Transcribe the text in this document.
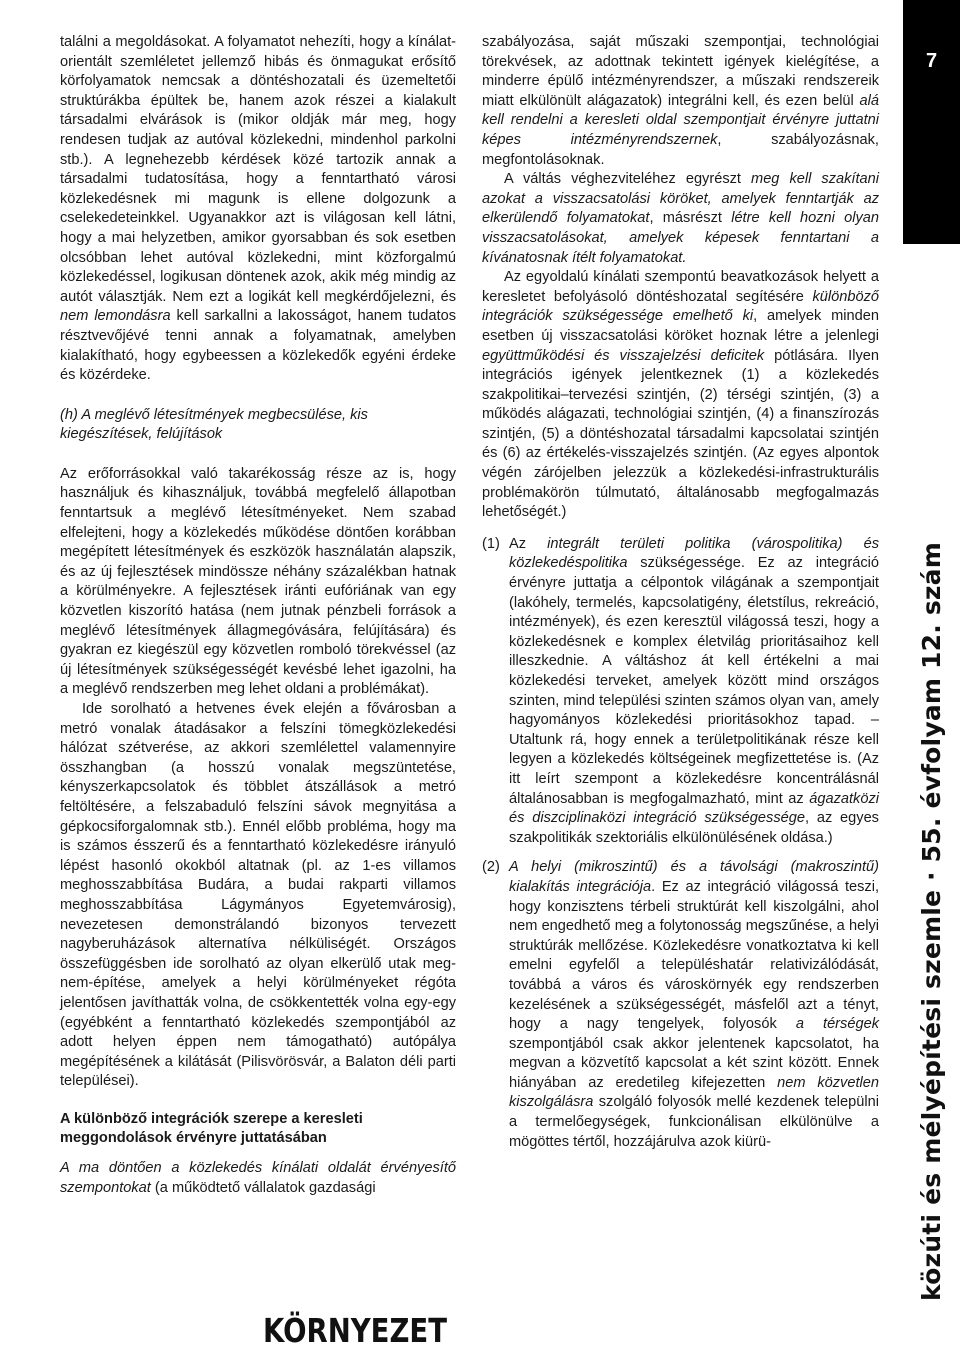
találni a megoldásokat. A folyamatot nehezíti, hogy a kínálat-orientált szemléletet jellemző hibás és önmagukat erősítő körfolyamatok nemcsak a döntéshozatali és üzemeltetői struktúrákba épültek be, hanem azok részei a kialakult társadalmi elvárások is (mikor oldják már meg, hogy rendesen tudjak az autóval közlekedni, mindenhol parkolni stb.). A legnehezebb kérdések közé tartozik annak a társadalmi tudatosítása, hogy a fenntartható városi közlekedésnek mi magunk is ellene dolgozunk a cselekedeteinkkel. Ugyanakkor azt is világosan kell látni, hogy a mai helyzetben, amikor gyorsabban és sok esetben olcsóbban lehet autóval közlekedni, mint közforgalmú közlekedéssel, logikusan döntenek azok, akik még mindig az autót választják. Nem ezt a logikát kell megkérdőjelezni, és nem lemondásra kell sarkallni a lakosságot, hanem tudatos résztvevőjévé tenni annak a folyamatnak, amelyben kialakítható, hogy egybeessen a közlekedők egyéni érdeke és közérdeke.

(h) A meglévő létesítmények megbecsülése, kis kiegészítések, felújítások

Az erőforrásokkal való takarékosság része az is, hogy használjuk és kihasználjuk, továbbá megfelelő állapotban fenntartsuk a meglévő létesítményeket. Nem szabad elfelejteni, hogy a közlekedés működése döntően korábban megépített létesítmények és eszközök használatán alapszik, és az új fejlesztések mindössze néhány százalékban hatnak a körülményekre. A fejlesztések iránti eufóriának van egy közvetlen kiszorító hatása (nem jutnak pénzbeli források a meglévő létesítmények állagmegóvására, felújítására) és gyakran ez kiegészül egy közvetlen romboló törekvéssel (az új létesítmények szükségességét kevésbé lehet igazolni, ha a meglévő rendszerben meg lehet oldani a problémákat).

Ide sorolható a hetvenes évek elején a fővárosban a metró vonalak átadásakor a felszíni tömegközlekedési hálózat szétverése, az akkori szemlélettel valamennyire összhangban (a hosszú vonalak megszüntetése, kényszerkapcsolatok és többlet átszállások a metró feltöltésére, a felszabaduló felszíni sávok megnyitása a gépkocsiforgalomnak stb.). Ennél előbb probléma, hogy ma is számos ésszerű és a fenntartható közlekedésre irányuló lépést hasonló okokból altatnak (pl. az 1-es villamos meghosszabbítása Budára, a budai rakparti villamos meghosszabbítása Lágymányos Egyetemvárosig), nevezetesen demonstrálandó bizonyos tervezett nagyberuházások alternatíva nélküliségét. Országos összefüggésben ide sorolható az olyan elkerülő utak meg-nem-építése, amelyek a helyi körülményeket régóta jelentősen javíthatták volna, de csökkentették volna egy-egy (egyébként a fenntartható közlekedés szempontjából az adott helyen éppen nem támogatható) autópálya megépítésének a kilátását (Pilisvörösvár, a Balaton déli parti települései).

A különböző integrációk szerepe a keresleti meggondolások érvényre juttatásában

A ma döntően a közlekedés kínálati oldalát érvényesítő szempontokat (a működtető vállalatok gazdasági

szabályozása, saját műszaki szempontjai, technológiai törekvések, az adottnak tekintett igények kielégítése, a minderre épülő intézményrendszer, a műszaki rendszereik miatt elkülönült alágazatok) integrálni kell, és ezen belül alá kell rendelni a keresleti oldal szempontjait érvényre juttatni képes intézményrendszernek, szabályozásnak, megfontolásoknak.

A váltás véghezviteléhez egyrészt meg kell szakítani azokat a visszacsatolási köröket, amelyek fenntartják az elkerülendő folyamatokat, másrészt létre kell hozni olyan visszacsatolásokat, amelyek képesek fenntartani a kívánatosnak ítélt folyamatokat.

Az egyoldalú kínálati szempontú beavatkozások helyett a keresletet befolyásoló döntéshozatal segítésére különböző integrációk szükségessége emelhető ki, amelyek minden esetben új visszacsatolási köröket hoznak létre a jelenlegi együttműködési és visszajelzési deficitek pótlására. Ilyen integrációs igények jelentkeznek (1) a közlekedés szakpolitikai–tervezési szintjén, (2) térségi szintjén, (3) a működés alágazati, technológiai szintjén, (4) a finanszírozás szintjén, (5) a döntéshozatal társadalmi kapcsolatai szintjén és (6) az értékelés-visszajelzés szintjén. (Az egyes alpontok végén zárójelben jelezzük a közlekedési-infrastrukturális problémakörön túlmutató, általánosabb megfogalmazás lehetőségét.)

(1) Az integrált területi politika (várospolitika) és közlekedéspolitika szükségessége. Ez az integráció érvényre juttatja a célpontok világának a szempontjait (lakóhely, termelés, kapcsolatigény, életstílus, rekreáció, intézmények), és ezen keresztül világossá teszi, hogy a közlekedésnek e komplex életvilág prioritásaihoz kell illeszkednie. A váltáshoz át kell értékelni a mai közlekedési terveket, amelyek között mind országos szinten, mind települési szinten számos olyan van, amely hagyományos közlekedési prioritásokhoz tapad. – Utaltunk rá, hogy ennek a területpolitikának része kell legyen a közlekedés költségeinek megfizettetése is. (Az itt leírt szempont a közlekedésre koncentrálásnál általánosabban is megfogalmazható, mint az ágazatközi és diszciplinaközi integráció szükségessége, az egyes szakpolitikák szektoriális elkülönülésének oldása.)

(2) A helyi (mikroszintű) és a távolsági (makroszintű) kialakítás integrációja. Ez az integráció világossá teszi, hogy konzisztens térbeli struktúrát kell kiszolgálni, ahol nem engedhető meg a folytonosság megszűnése, a helyi struktúrák mellőzése. Közlekedésre vonatkoztatva ki kell emelni egyfelől a településhatár relativizálódását, továbbá a város és városkörnyék egy rendszerben kezelésének a szükségességét, másfelől azt a tényt, hogy a nagy tengelyek, folyosók a térségek szempontjából csak akkor jelentenek kapcsolatot, ha megvan a közvetítő kapcsolat a két szint között. Ennek hiányában az eredetileg kifejezetten nem közvetlen kiszolgálásra szolgáló folyosók mellé kezdenek települni a termelőegységek, funkcionálisan elkülönülve a mögöttes tértől, hozzájárulva azok kiürü-

7
közúti és mélyépítési szemle · 55. évfolyam 12. szám
KÖRNYEZET
